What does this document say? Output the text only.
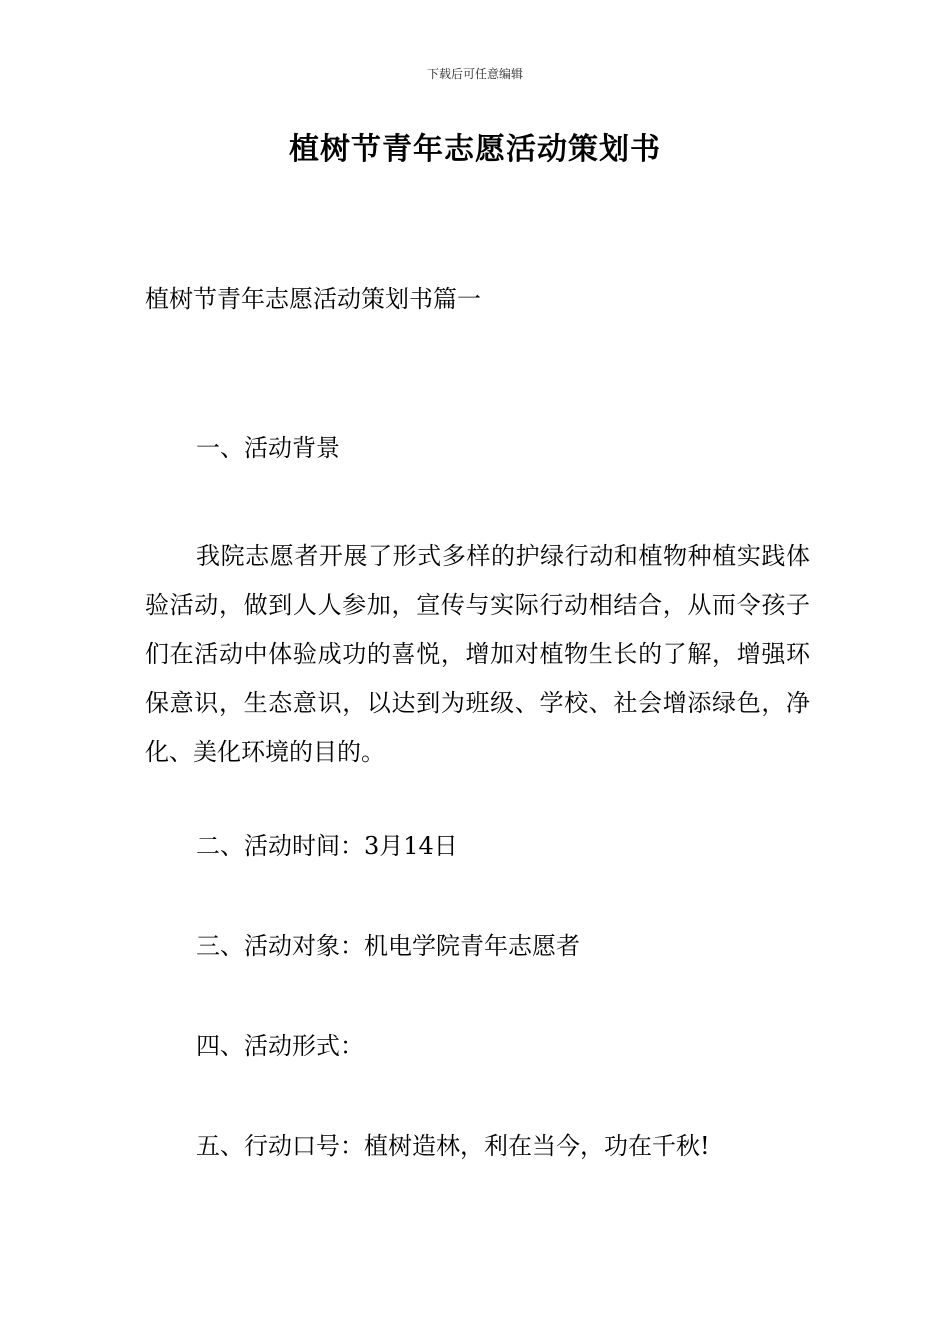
下载后可任意编辑
植树节青年志愿活动策划书
植树节青年志愿活动策划书篇一
一、活动背景
我院志愿者开展了形式多样的护绿行动和植物种植实践体验活动，做到人人参加，宣传与实际行动相结合，从而令孩子们在活动中体验成功的喜悦，增加对植物生长的了解，增强环保意识，生态意识，以达到为班级、学校、社会增添绿色，净化、美化环境的目的。
二、活动时间：3月14日
三、活动对象：机电学院青年志愿者
四、活动形式：
五、行动口号：植树造林，利在当今，功在千秋!
